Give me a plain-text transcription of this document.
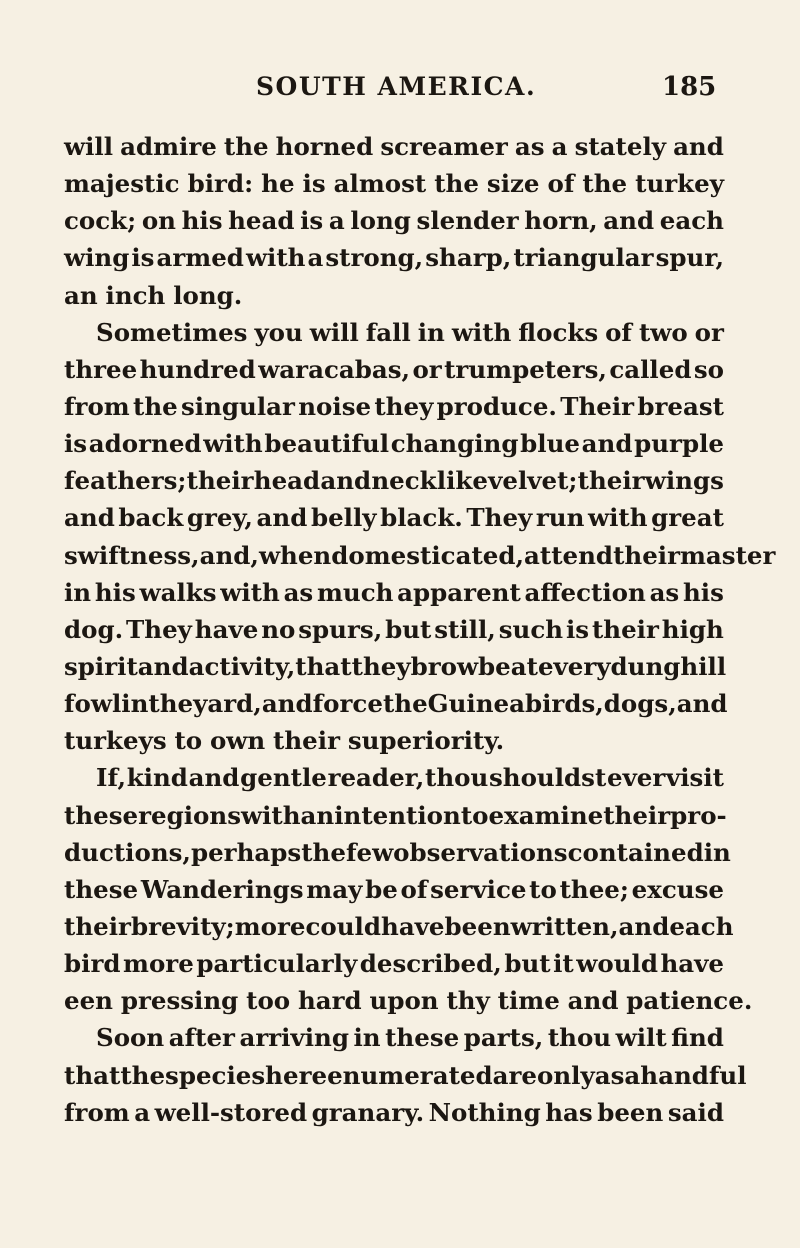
SOUTH AMERICA.	185
will admire the horned screamer as a stately and
majestic bird: he is almost the size of the turkey
cock; on his head is a long slender horn, and each
wing is armed with a strong, sharp, triangular spur,
an inch long.
Sometimes you will fall in with flocks of two or
three hundred waracabas, or trumpeters, called so
from the singular noise they produce. Their breast
is adorned with beautiful changing blue and purple
feathers; their head and neck like velvet; their wings
and back grey, and belly black. They run with great
swiftness, and, when domesticated, attend their master
in his walks with as much apparent affection as his
dog. They have no spurs, but still, such is their high
spirit and activity, that they browbeat every dunghill
fowl in the yard, and force the Guinea birds, dogs, and
turkeys to own their superiority.
If, kind and gentle reader, thou shouldst ever visit
these regions with an intention to examine their pro-
ductions, perhaps the few observations contained in
these Wanderings may be of service to thee; excuse
their brevity; more could have been written, and each
bird more particularly described, but it would have
een pressing too hard upon thy time and patience.
Soon after arriving in these parts, thou wilt find
that the species here enumerated are only as a handful
from a well-stored granary. Nothing has been said
